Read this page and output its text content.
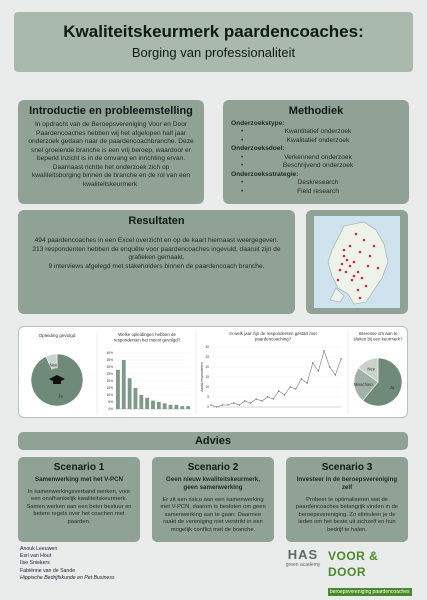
Kwaliteitskeurmerk paardencoaches:
Borging van professionaliteit
Introductie en probleemstelling
In opdracht van de Beroepsvereniging Voor en Door Paardencoaches hebben wij het afgelopen half jaar onderzoek gedaan naar de paardencoachbranche. Deze snel groeiende branche is een vrij beroep, waardoor er beperkt inzicht is in de omvang en inrichting ervan. Daarnaast richtte het onderzoek zich op kwaliteitsborging binnen de branche en de rol van een kwaliteitskeurmerk.
Methodiek
Onderzoekstype:
•	Kwantitatief onderzoek
•	Kwalitatief onderzoek
Onderzoeksdoel:
•	Verkennend onderzoek
•	Beschrijvend onderzoek
Onderzoeksstrategie:
•	Deskresearch
•	Field research
Resultaten
494 paardencoaches in een Excel overzicht en op de kaart hiernaast weergegeven.
213 respondenten hebben de enquête voor paardencoaches ingevuld, daaruit zijn de grafieken gemaakt.
9 interviews afgelegd met stakeholders binnen de paardencoach branche.
Opleiding gevolgd
Ja
Nee
Welke opleidingen hebben de
respondenten het meest gevolgd?
40%
35%
30%
25%
20%
15%
10%
5%
0%
In welk jaar zijn de respondenten gestart met
paardencoaching?
0
5
10
15
20
25
30
Aantal respondenten
Interesse om aan te
sluiten bij een keurmerk?
Ja
Misschien
Nee
Advies
Scenario 1
Samenwerking met het V-PCN
In samenwerkingsverband werken, voor een onafhankelijk kwaliteitskeurmerk. Samen werken aan een beter bestuur en betere regels over het coachen met paarden.
Scenario 2
Geen nieuw kwaliteitskeurmerk, geen samenwerking
Er zit een risico aan een samenwerking met V-PCN, daarom is besloten om geen samenwerking aan te gaan. Daarmee raakt de vereniging niet verstrikt in een mogelijk conflict met de branche.
Scenario 3
Investeer in de beroepsvereniging zelf
Probeer te optimaliseren wat de paardencoaches belangrijk vinden in de beroepsvereniging. Zo stimuleer je de leden om het beste uit zichzelf en hun bedrijf te halen.
Anouk Leeuwen
Esri van Hout
Ilse Sniekers
Fabiënne van de Sande
Hippische Bedrijfskunde en Pet Business
HAS
green academy
VOOR & DOOR
beroepsvereniging paardencoaches
